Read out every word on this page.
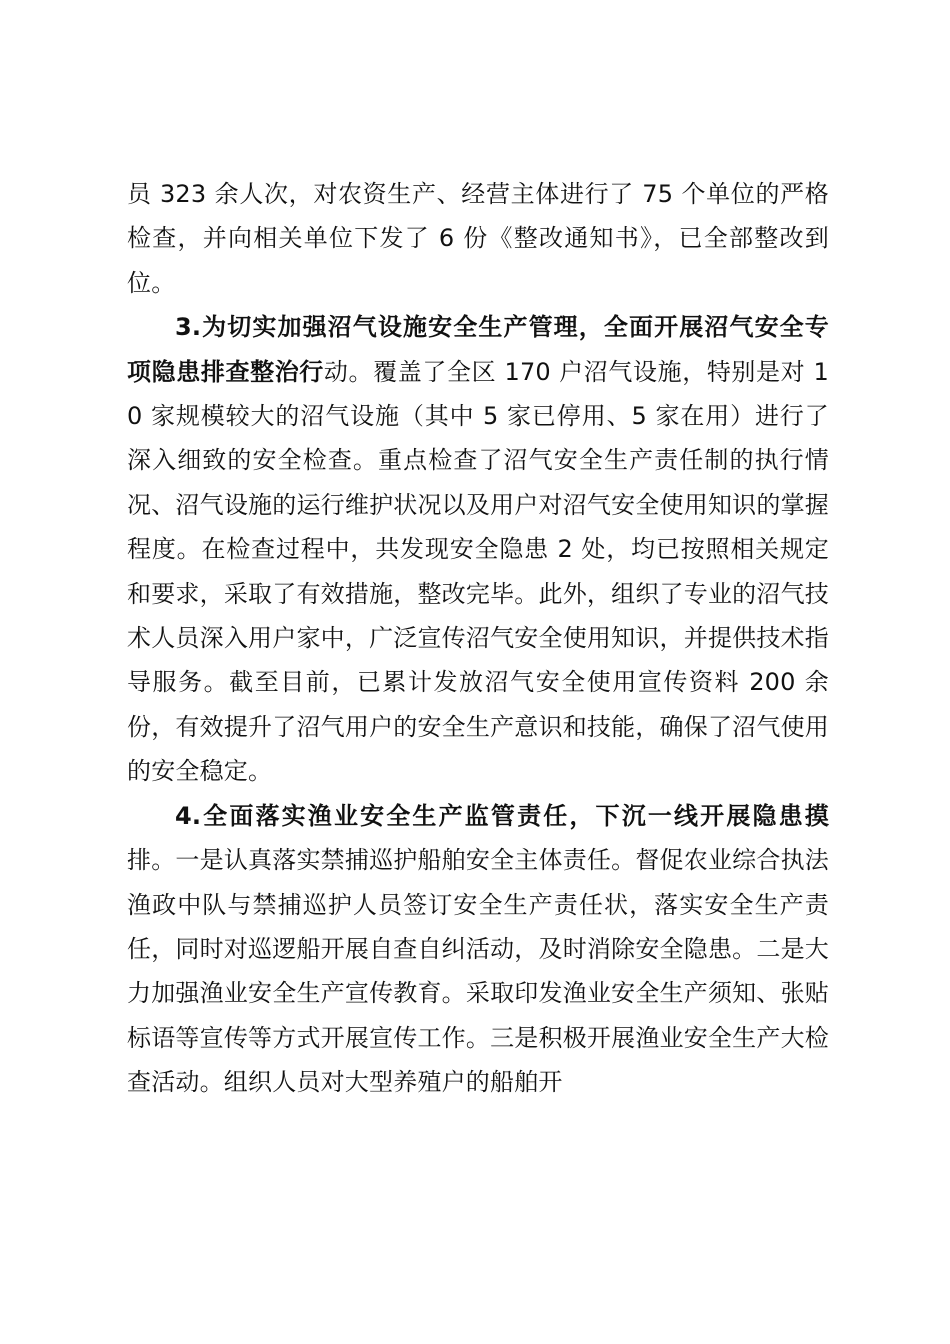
员 323 余人次，对农资生产、经营主体进行了 75 个单位的严格检查，并向相关单位下发了 6 份《整改通知书》，已全部整改到位。

3.为切实加强沼气设施安全生产管理，全面开展沼气安全专项隐患排查整治行动。覆盖了全区 170 户沼气设施，特别是对 10 家规模较大的沼气设施（其中 5 家已停用、5 家在用）进行了深入细致的安全检查。重点检查了沼气安全生产责任制的执行情况、沼气设施的运行维护状况以及用户对沼气安全使用知识的掌握程度。在检查过程中，共发现安全隐患 2 处，均已按照相关规定和要求，采取了有效措施，整改完毕。此外，组织了专业的沼气技术人员深入用户家中，广泛宣传沼气安全使用知识，并提供技术指导服务。截至目前，已累计发放沼气安全使用宣传资料 200 余份，有效提升了沼气用户的安全生产意识和技能，确保了沼气使用的安全稳定。

4.全面落实渔业安全生产监管责任，下沉一线开展隐患摸排。一是认真落实禁捕巡护船舶安全主体责任。督促农业综合执法渔政中队与禁捕巡护人员签订安全生产责任状，落实安全生产责任，同时对巡逻船开展自查自纠活动，及时消除安全隐患。二是大力加强渔业安全生产宣传教育。采取印发渔业安全生产须知、张贴标语等宣传等方式开展宣传工作。三是积极开展渔业安全生产大检查活动。组织人员对大型养殖户的船舶开
